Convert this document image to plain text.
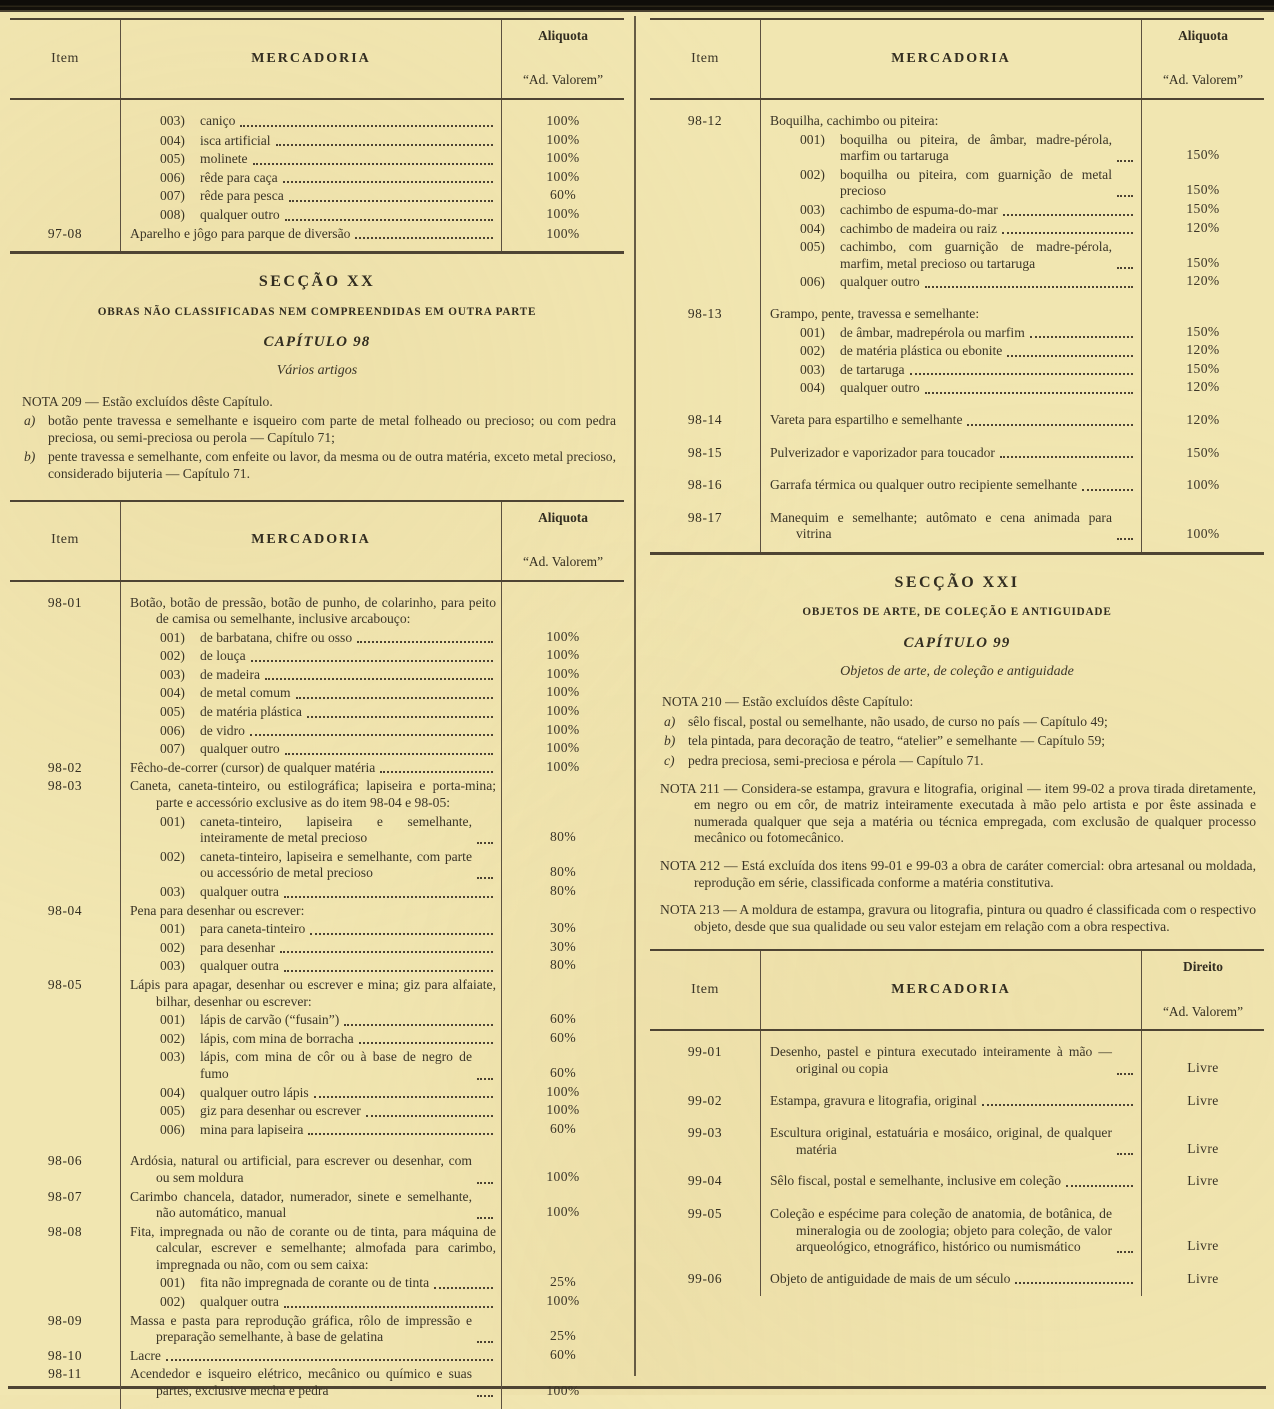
Item	MERCADORIA
Aliquota
“Ad. Valorem”
003)	caniço	100%
004)	isca artificial	100%
005)	molinete	100%
006)	rêde para caça	100%
007)	rêde para pesca	60%
008)	qualquer outro	100%
97-08	Aparelho e jôgo para parque de diversão	100%
SECÇÃO XX
OBRAS NÃO CLASSIFICADAS NEM COMPREENDIDAS EM OUTRA PARTE
CAPÍTULO 98
Vários artigos
NOTA 209 — Estão excluídos dêste Capítulo.
a) botão pente travessa e semelhante e isqueiro com parte de metal folheado ou precioso; ou com pedra preciosa, ou semi-preciosa ou perola — Capítulo 71;
b) pente travessa e semelhante, com enfeite ou lavor, da mesma ou de outra matéria, exceto metal precioso, considerado bijuteria — Capítulo 71.
Item	MERCADORIA
Aliquota
“Ad. Valorem”
98-01	Botão, botão de pressão, botão de punho, de colarinho, para peito de camisa ou semelhante, inclusive arcabouço:
001)	de barbatana, chifre ou osso	100%
002)	de louça	100%
003)	de madeira	100%
004)	de metal comum	100%
005)	de matéria plástica	100%
006)	de vidro	100%
007)	qualquer outro	100%
98-02	Fêcho-de-correr (cursor) de qualquer matéria	100%
98-03	Caneta, caneta-tinteiro, ou estilográfica; lapiseira e porta-mina; parte e accessório exclusive as do item 98-04 e 98-05:
001)	caneta-tinteiro, lapiseira e semelhante, inteiramente de metal precioso	80%
002)	caneta-tinteiro, lapiseira e semelhante, com parte ou accessório de metal precioso	80%
003)	qualquer outra	80%
98-04	Pena para desenhar ou escrever:
001)	para caneta-tinteiro	30%
002)	para desenhar	30%
003)	qualquer outra	80%
98-05	Lápis para apagar, desenhar ou escrever e mina; giz para alfaiate, bilhar, desenhar ou escrever:
001)	lápis de carvão (“fusain”)	60%
002)	lápis, com mina de borracha	60%
003)	lápis, com mina de côr ou à base de negro de fumo	60%
004)	qualquer outro lápis	100%
005)	giz para desenhar ou escrever	100%
006)	mina para lapiseira	60%
98-06	Ardósia, natural ou artificial, para escrever ou desenhar, com ou sem moldura	100%
98-07	Carimbo chancela, datador, numerador, sinete e semelhante, não automático, manual	100%
98-08	Fita, impregnada ou não de corante ou de tinta, para máquina de calcular, escrever e semelhante; almofada para carimbo, impregnada ou não, com ou sem caixa:
001)	fita não impregnada de corante ou de tinta	25%
002)	qualquer outra	100%
98-09	Massa e pasta para reprodução gráfica, rôlo de impressão e preparação semelhante, à base de gelatina	25%
98-10	Lacre	60%
98-11	Acendedor e isqueiro elétrico, mecânico ou químico e suas partes, exclusive mecha e pedra	100%
Item	MERCADORIA
Aliquota
“Ad. Valorem”
98-12	Boquilha, cachimbo ou piteira:
001)	boquilha ou piteira, de âmbar, madre-pérola, marfim ou tartaruga	150%
002)	boquilha ou piteira, com guarnição de metal precioso	150%
003)	cachimbo de espuma-do-mar	150%
004)	cachimbo de madeira ou raiz	120%
005)	cachimbo, com guarnição de madre-pérola, marfim, metal precioso ou tartaruga	150%
006)	qualquer outro	120%
98-13	Grampo, pente, travessa e semelhante:
001)	de âmbar, madrepérola ou marfim	150%
002)	de matéria plástica ou ebonite	120%
003)	de tartaruga	150%
004)	qualquer outro	120%
98-14	Vareta para espartilho e semelhante	120%
98-15	Pulverizador e vaporizador para toucador	150%
98-16	Garrafa térmica ou qualquer outro recipiente semelhante	100%
98-17	Manequim e semelhante; autômato e cena animada para vitrina	100%
SECÇÃO XXI
OBJETOS DE ARTE, DE COLEÇÃO E ANTIGUIDADE
CAPÍTULO 99
Objetos de arte, de coleção e antiguidade
NOTA 210 — Estão excluídos dêste Capítulo:
a) sêlo fiscal, postal ou semelhante, não usado, de curso no país — Capítulo 49;
b) tela pintada, para decoração de teatro, “atelier” e semelhante — Capítulo 59;
c) pedra preciosa, semi-preciosa e pérola — Capítulo 71.
NOTA 211 — Considera-se estampa, gravura e litografia, original — item 99-02 a prova tirada diretamente, em negro ou em côr, de matriz inteiramente executada à mão pelo artista e por êste assinada e numerada qualquer que seja a matéria ou técnica empregada, com exclusão de qualquer processo mecânico ou fotomecânico.
NOTA 212 — Está excluída dos itens 99-01 e 99-03 a obra de caráter comercial: obra artesanal ou moldada, reprodução em série, classificada conforme a matéria constitutiva.
NOTA 213 — A moldura de estampa, gravura ou litografia, pintura ou quadro é classificada com o respectivo objeto, desde que sua qualidade ou seu valor estejam em relação com a obra respectiva.
Item	MERCADORIA
Direito
“Ad. Valorem”
99-01	Desenho, pastel e pintura executado inteiramente à mão — original ou copia	Livre
99-02	Estampa, gravura e litografia, original	Livre
99-03	Escultura original, estatuária e mosáico, original, de qualquer matéria	Livre
99-04	Sêlo fiscal, postal e semelhante, inclusive em coleção	Livre
99-05	Coleção e espécime para coleção de anatomia, de botânica, de mineralogia ou de zoologia; objeto para coleção, de valor arqueológico, etnográfico, histórico ou numismático	Livre
99-06	Objeto de antiguidade de mais de um século	Livre
